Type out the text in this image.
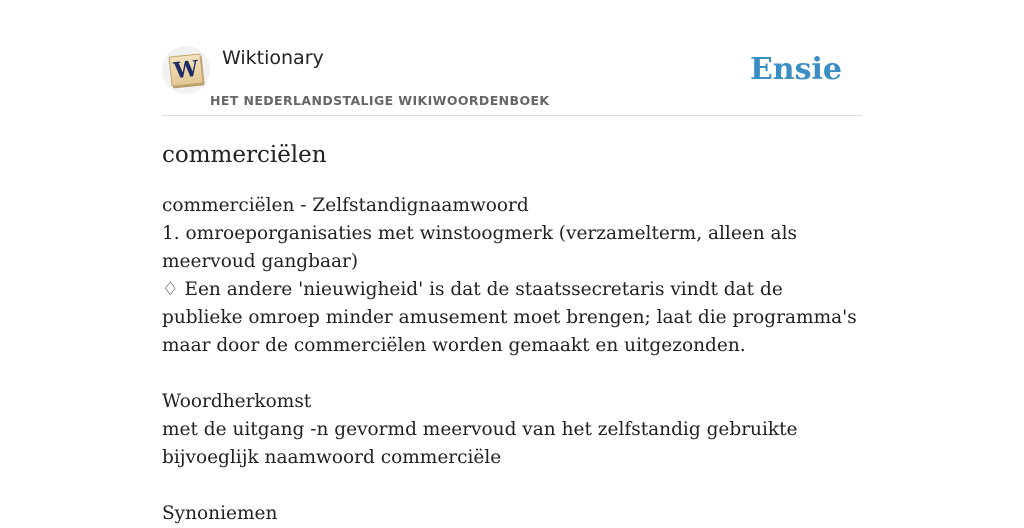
W Wiktionary
HET NEDERLANDSTALIGE WIKIWOORDENBOEK
Ensie
commerciëlen

commerciëlen - Zelfstandignaamwoord

1. omroeporganisaties met winstoogmerk (verzamelterm, alleen als meervoud gangbaar)

♢ Een andere 'nieuwigheid' is dat de staatssecretaris vindt dat de publieke omroep minder amusement moet brengen; laat die programma's maar door de commerciëlen worden gemaakt en uitgezonden.

Woordherkomst

met de uitgang -n gevormd meervoud van het zelfstandig gebruikte bijvoeglijk naamwoord commerciële

Synoniemen
